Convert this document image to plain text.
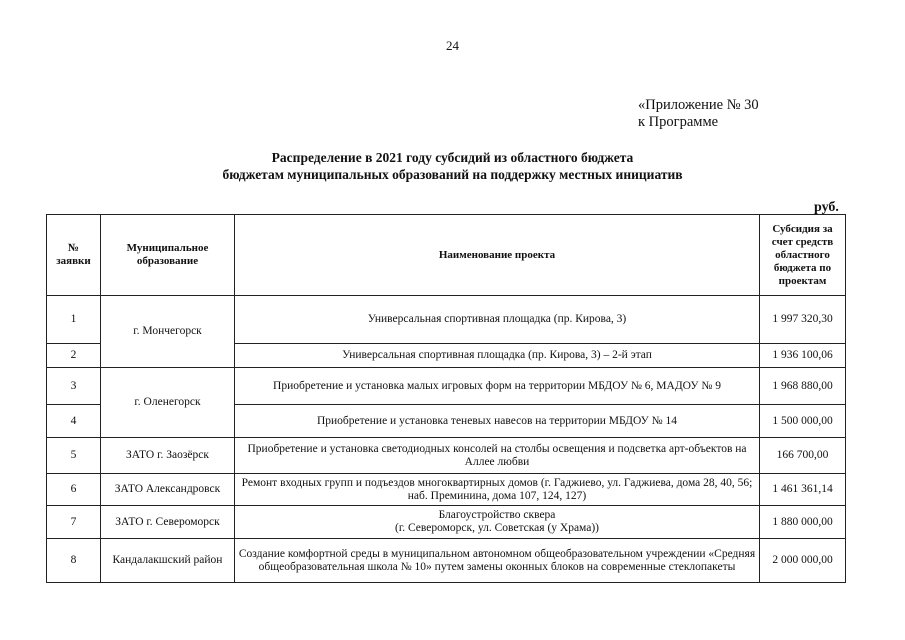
24
«Приложение № 30
к Программе
Распределение в 2021 году субсидий из областного бюджета
бюджетам муниципальных образований на поддержку местных инициатив
руб.
№ заявки	Муниципальное образование	Наименование проекта	Субсидия за счет средств областного бюджета по проектам
1	г. Мончегорск	Универсальная спортивная площадка (пр. Кирова, 3)	1 997 320,30
2		Универсальная спортивная площадка (пр. Кирова, 3) – 2-й этап	1 936 100,06
3	г. Оленегорск	Приобретение и установка малых игровых форм на территории МБДОУ № 6, МАДОУ № 9	1 968 880,00
4		Приобретение и установка теневых навесов на территории МБДОУ № 14	1 500 000,00
5	ЗАТО г. Заозёрск	Приобретение и установка светодиодных консолей на столбы освещения и подсветка арт-объектов на Аллее любви	166 700,00
6	ЗАТО Александровск	Ремонт входных групп и подъездов многоквартирных домов (г. Гаджиево, ул. Гаджиева, дома 28, 40, 56; наб. Преминина, дома 107, 124, 127)	1 461 361,14
7	ЗАТО г. Североморск	Благоустройство сквера
(г. Североморск, ул. Советская (у Храма))	1 880 000,00
8	Кандалакшский район	Создание комфортной среды в муниципальном автономном общеобразовательном учреждении «Средняя общеобразовательная школа № 10» путем замены оконных блоков на современные стеклопакеты	2 000 000,00
